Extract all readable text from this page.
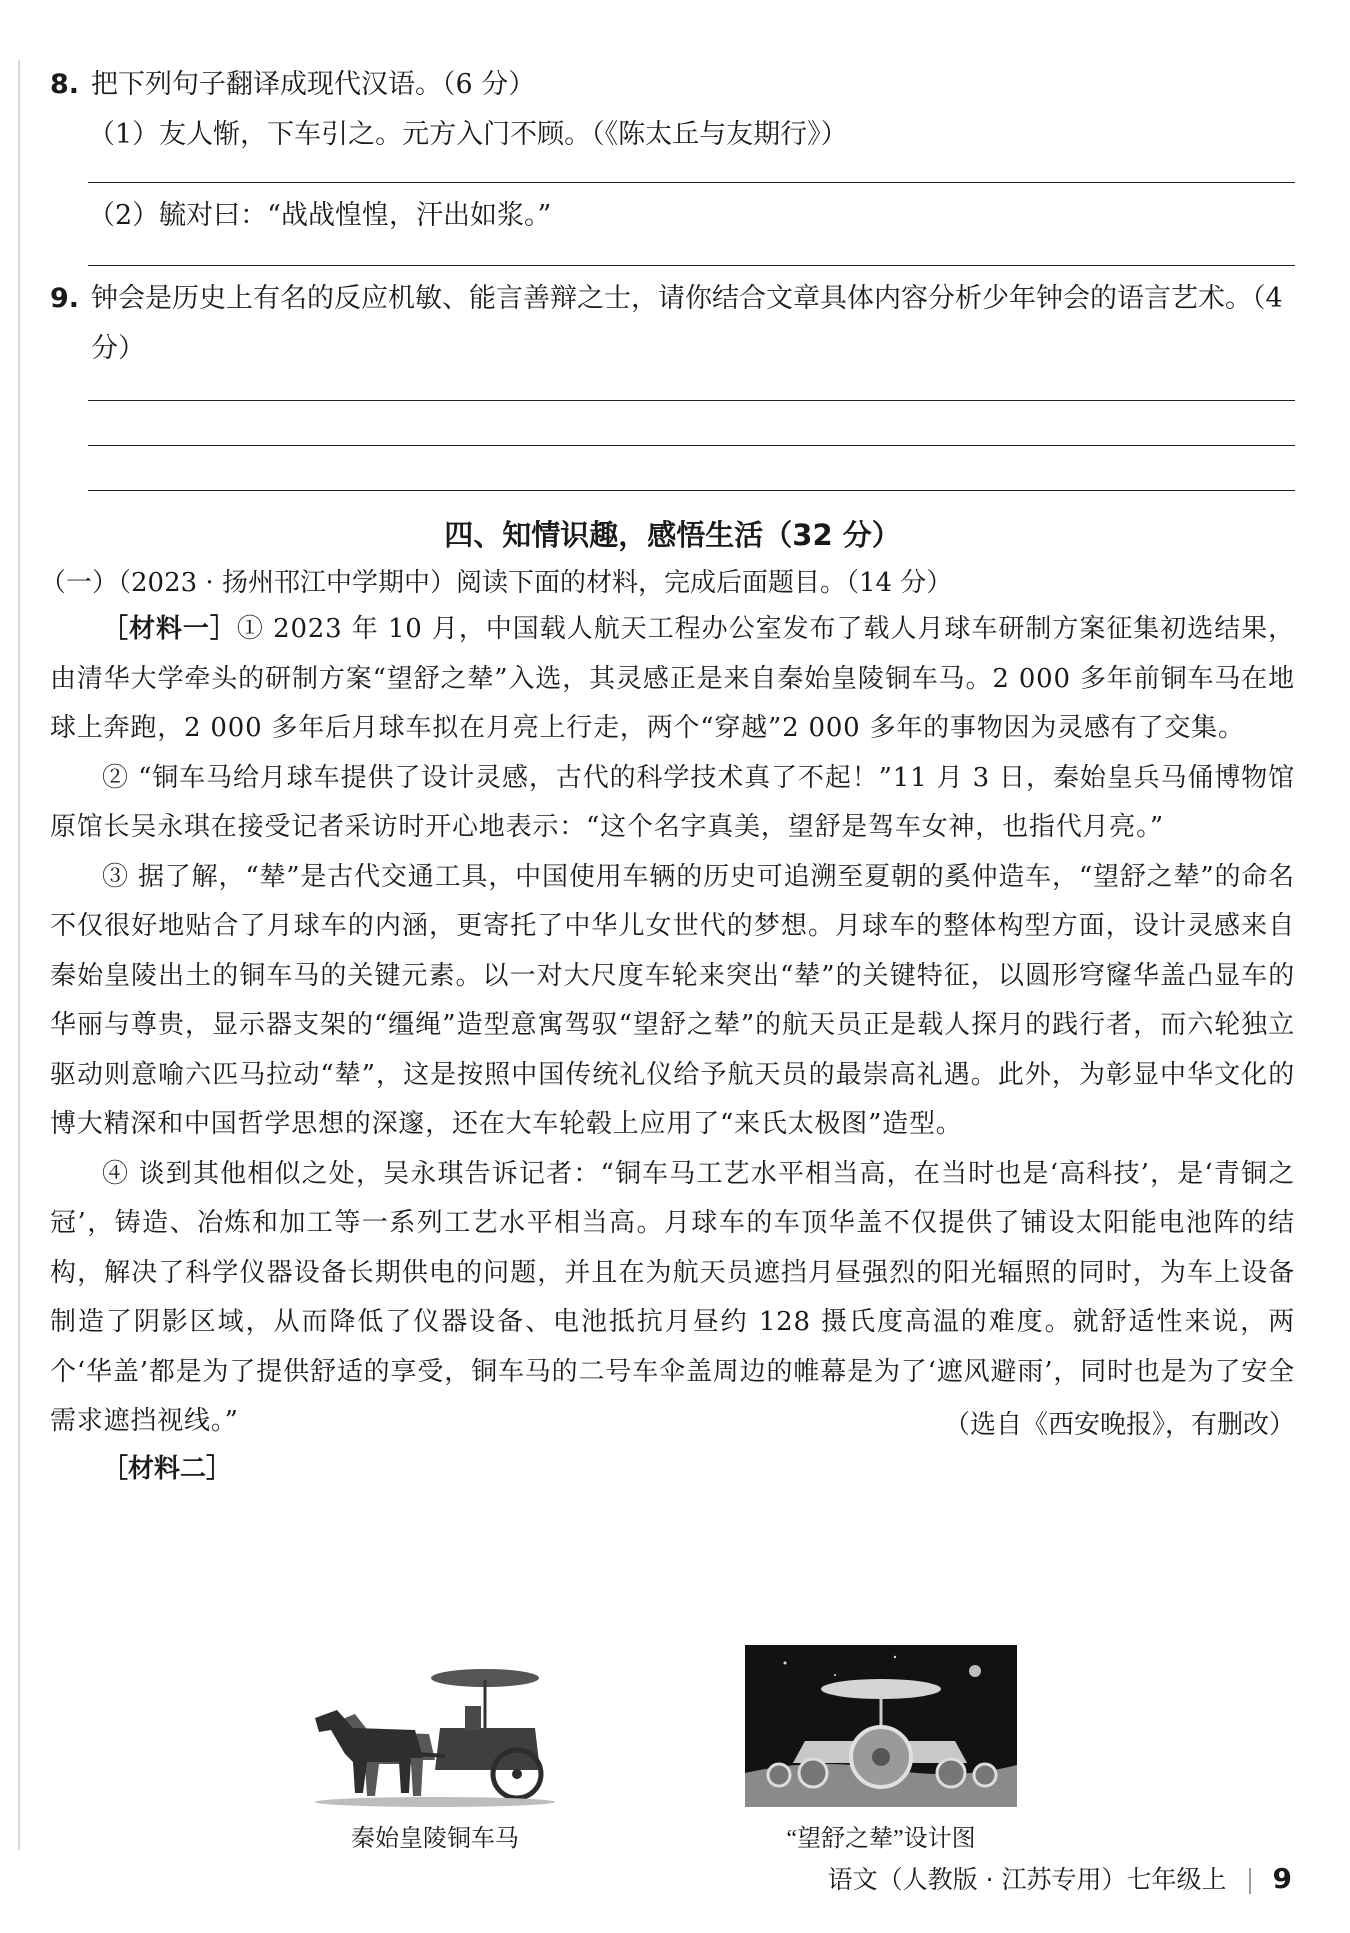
8. 把下列句子翻译成现代汉语。（6 分）
（1）友人惭，下车引之。元方入门不顾。（《陈太丘与友期行》）
（2）毓对曰：“战战惶惶，汗出如浆。”
9. 钟会是历史上有名的反应机敏、能言善辩之士，请你结合文章具体内容分析少年钟会的语言艺术。（4 分）
四、知情识趣，感悟生活（32 分）
（一）（2023 · 扬州邗江中学期中）阅读下面的材料，完成后面题目。（14 分）
［材料一］① 2023 年 10 月，中国载人航天工程办公室发布了载人月球车研制方案征集初选结果，由清华大学牵头的研制方案“望舒之辇”入选，其灵感正是来自秦始皇陵铜车马。2 000 多年前铜车马在地球上奔跑，2 000 多年后月球车拟在月亮上行走，两个“穿越”2 000 多年的事物因为灵感有了交集。
② “铜车马给月球车提供了设计灵感，古代的科学技术真了不起！”11 月 3 日，秦始皇兵马俑博物馆原馆长吴永琪在接受记者采访时开心地表示：“这个名字真美，望舒是驾车女神，也指代月亮。”
③ 据了解，“辇”是古代交通工具，中国使用车辆的历史可追溯至夏朝的奚仲造车，“望舒之辇”的命名不仅很好地贴合了月球车的内涵，更寄托了中华儿女世代的梦想。月球车的整体构型方面，设计灵感来自秦始皇陵出土的铜车马的关键元素。以一对大尺度车轮来突出“辇”的关键特征，以圆形穹窿华盖凸显车的华丽与尊贵，显示器支架的“缰绳”造型意寓驾驭“望舒之辇”的航天员正是载人探月的践行者，而六轮独立驱动则意喻六匹马拉动“辇”，这是按照中国传统礼仪给予航天员的最崇高礼遇。此外，为彰显中华文化的博大精深和中国哲学思想的深邃，还在大车轮毂上应用了“来氏太极图”造型。
④ 谈到其他相似之处，吴永琪告诉记者：“铜车马工艺水平相当高，在当时也是‘高科技’，是‘青铜之冠’，铸造、冶炼和加工等一系列工艺水平相当高。月球车的车顶华盖不仅提供了铺设太阳能电池阵的结构，解决了科学仪器设备长期供电的问题，并且在为航天员遮挡月昼强烈的阳光辐照的同时，为车上设备制造了阴影区域，从而降低了仪器设备、电池抵抗月昼约 128 摄氏度高温的难度。就舒适性来说，两个‘华盖’都是为了提供舒适的享受，铜车马的二号车伞盖周边的帷幕是为了‘遮风避雨’，同时也是为了安全需求遮挡视线。”	（选自《西安晚报》，有删改）
［材料二］
秦始皇陵铜车马	“望舒之辇”设计图
语文（人教版 · 江苏专用）七年级上 9
